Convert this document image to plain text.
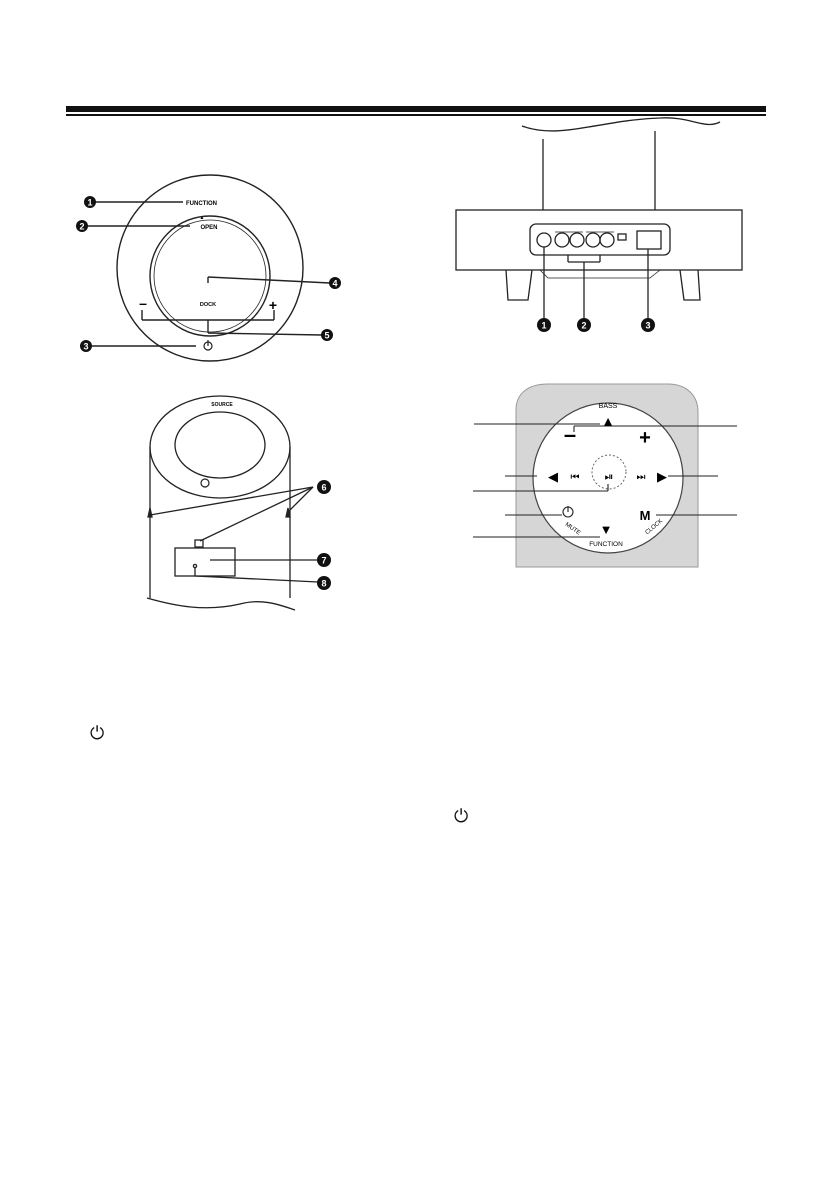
FUNCTION
▲
OPEN
DOCK
–	+
1
2
3
4
5
SOURCE
6
7
8
1	2	3
BASS
▲
–	+
◀ ⏮ ⏯ ⏭ ▶
M
MUTE	CLOCK
▼
FUNCTION
⏻
⏻
